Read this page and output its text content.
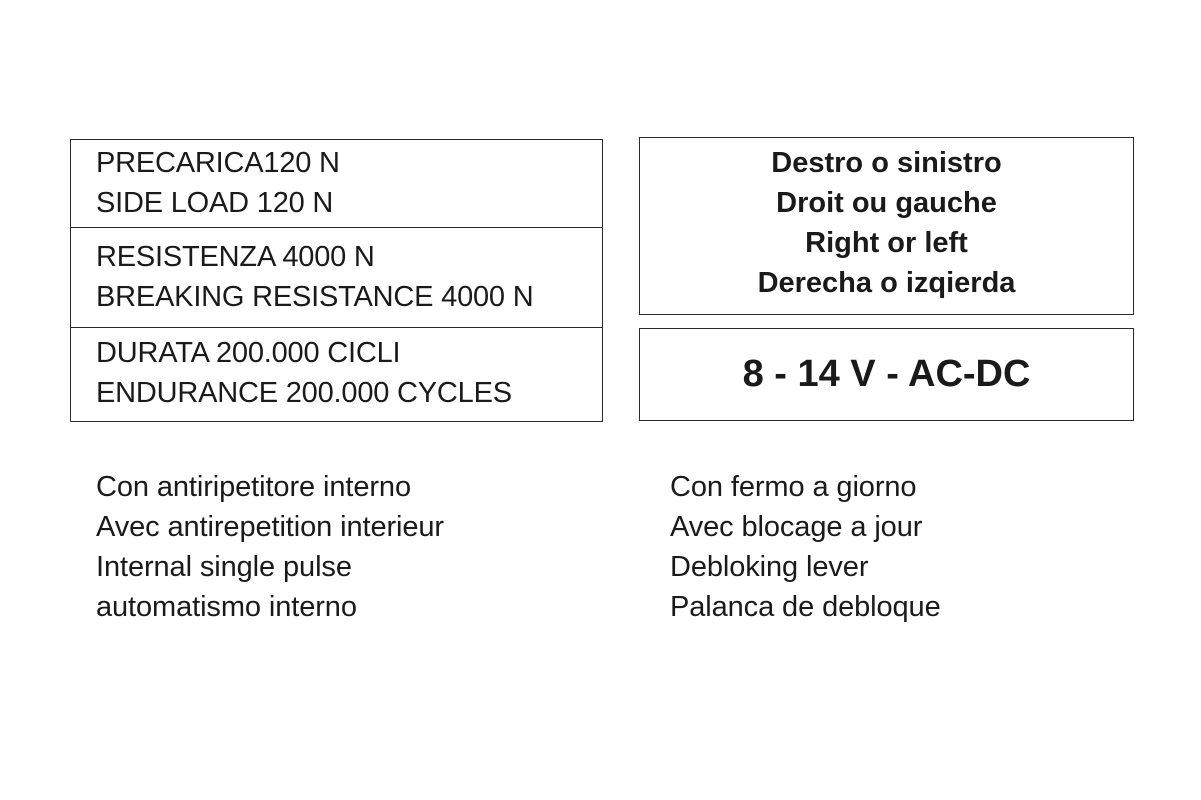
PRECARICA120 N
SIDE LOAD 120 N
RESISTENZA 4000 N
BREAKING RESISTANCE 4000 N
DURATA 200.000 CICLI
ENDURANCE 200.000 CYCLES
Destro o sinistro
Droit ou gauche
Right or left
Derecha o izqierda
8 - 14 V - AC-DC
Con antiripetitore interno
Avec antirepetition interieur
Internal single pulse
automatismo interno
Con fermo a giorno
Avec blocage a jour
Debloking lever
Palanca de debloque
